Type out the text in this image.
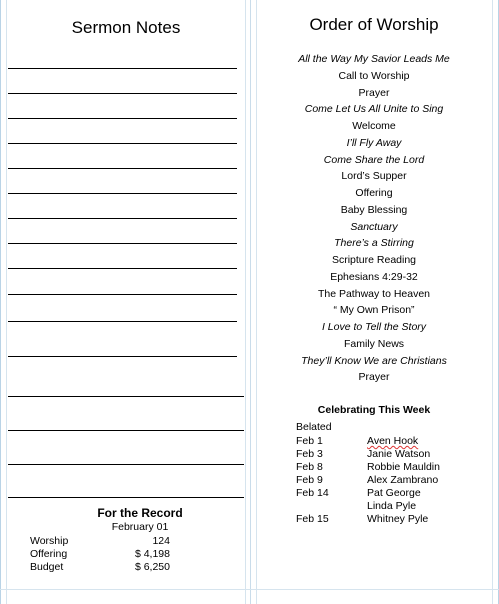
Sermon Notes
For the Record
February 01
Worship	124
Offering	$ 4,198
Budget	$ 6,250
Order of Worship
All the Way My Savior Leads Me
Call to Worship
Prayer
Come Let Us All Unite to Sing
Welcome
I’ll Fly Away
Come Share the Lord
Lord’s Supper
Offering
Baby Blessing
Sanctuary
There’s a Stirring
Scripture Reading
Ephesians 4:29-32
The Pathway to Heaven
“ My Own Prison”
I Love to Tell the Story
Family News
They’ll Know We are Christians
Prayer
Celebrating This Week
Belated
Feb 1	Aven Hook
Feb 3	Janie Watson
Feb 8	Robbie Mauldin
Feb 9	Alex Zambrano
Feb 14	Pat George
Linda Pyle
Feb 15	Whitney Pyle
